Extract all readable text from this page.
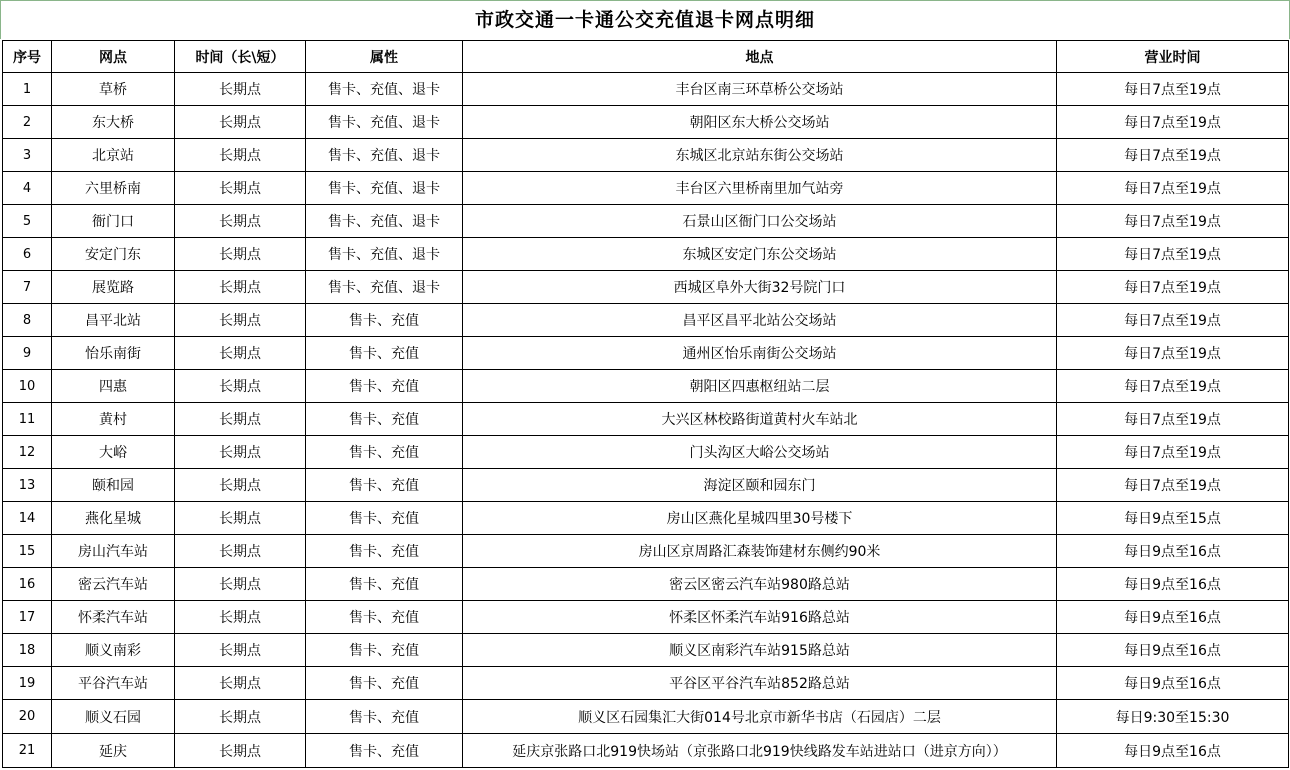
市政交通一卡通公交充值退卡网点明细
序号	网点	时间（长\短）	属性	地点	营业时间
1	草桥	长期点	售卡、充值、退卡	丰台区南三环草桥公交场站	每日7点至19点
2	东大桥	长期点	售卡、充值、退卡	朝阳区东大桥公交场站	每日7点至19点
3	北京站	长期点	售卡、充值、退卡	东城区北京站东街公交场站	每日7点至19点
4	六里桥南	长期点	售卡、充值、退卡	丰台区六里桥南里加气站旁	每日7点至19点
5	衙门口	长期点	售卡、充值、退卡	石景山区衙门口公交场站	每日7点至19点
6	安定门东	长期点	售卡、充值、退卡	东城区安定门东公交场站	每日7点至19点
7	展览路	长期点	售卡、充值、退卡	西城区阜外大街32号院门口	每日7点至19点
8	昌平北站	长期点	售卡、充值	昌平区昌平北站公交场站	每日7点至19点
9	怡乐南街	长期点	售卡、充值	通州区怡乐南街公交场站	每日7点至19点
10	四惠	长期点	售卡、充值	朝阳区四惠枢纽站二层	每日7点至19点
11	黄村	长期点	售卡、充值	大兴区林校路街道黄村火车站北	每日7点至19点
12	大峪	长期点	售卡、充值	门头沟区大峪公交场站	每日7点至19点
13	颐和园	长期点	售卡、充值	海淀区颐和园东门	每日7点至19点
14	燕化星城	长期点	售卡、充值	房山区燕化星城四里30号楼下	每日9点至15点
15	房山汽车站	长期点	售卡、充值	房山区京周路汇森装饰建材东侧约90米	每日9点至16点
16	密云汽车站	长期点	售卡、充值	密云区密云汽车站980路总站	每日9点至16点
17	怀柔汽车站	长期点	售卡、充值	怀柔区怀柔汽车站916路总站	每日9点至16点
18	顺义南彩	长期点	售卡、充值	顺义区南彩汽车站915路总站	每日9点至16点
19	平谷汽车站	长期点	售卡、充值	平谷区平谷汽车站852路总站	每日9点至16点
20	顺义石园	长期点	售卡、充值	顺义区石园集汇大街014号北京市新华书店（石园店）二层	每日9:30至15:30
21	延庆	长期点	售卡、充值	延庆京张路口北919快场站（京张路口北919快线路发车站进站口（进京方向））	每日9点至16点
